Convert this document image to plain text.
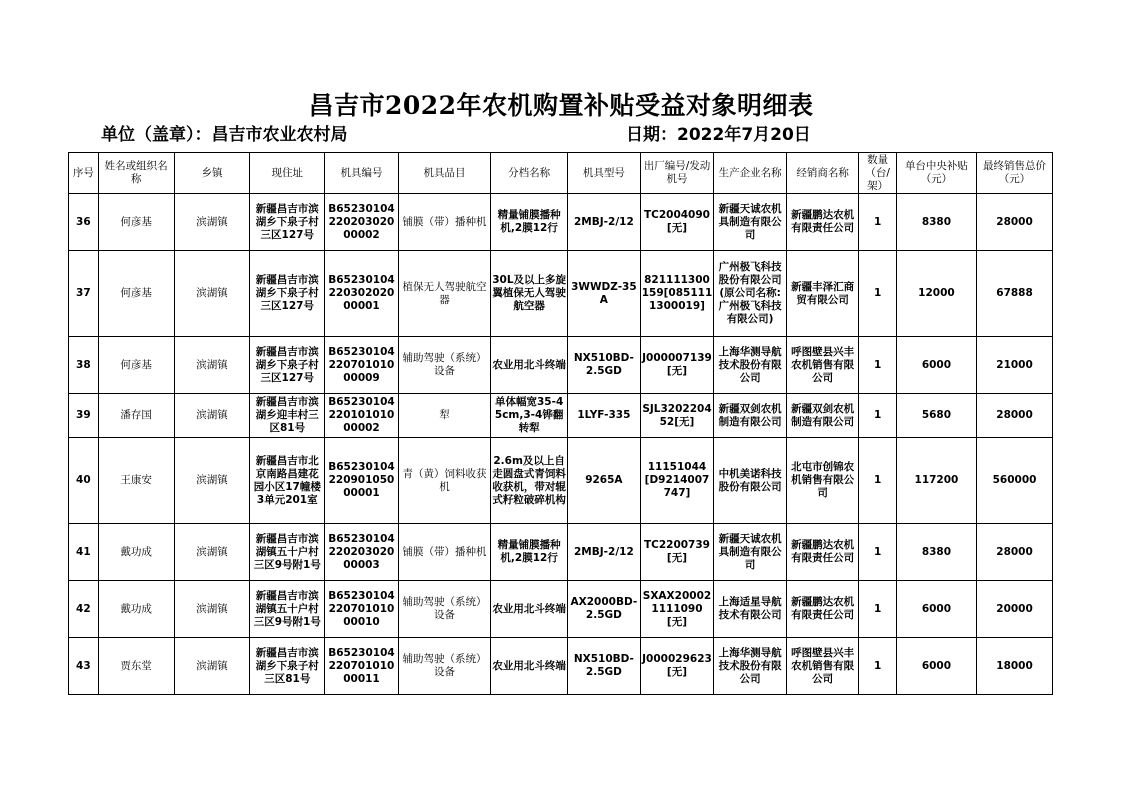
昌吉市2022年农机购置补贴受益对象明细表
单位（盖章）：昌吉市农业农村局	日期：2022年7月20日
序号	姓名或组织名称	乡镇	现住址	机具编号	机具品目	分档名称	机具型号	出厂编号/发动机号	生产企业名称	经销商名称	数量（台/架）	单台中央补贴（元）	最终销售总价（元）
36	何彦基	滨湖镇	新疆昌吉市滨湖乡下泉子村三区127号	B6523010422020302000002	铺膜（带）播种机	精量铺膜播种机,2膜12行	2MBJ-2/12	TC2004090[无]	新疆天诚农机具制造有限公司	新疆鹏达农机有限责任公司	1	8380	28000
37	何彦基	滨湖镇	新疆昌吉市滨湖乡下泉子村三区127号	B6523010422030202000001	植保无人驾驶航空器	30L及以上多旋翼植保无人驾驶航空器	3WWDZ-35A	821111300159[0851111300019]	广州极飞科技股份有限公司(原公司名称:广州极飞科技有限公司)	新疆丰泽汇商贸有限公司	1	12000	67888
38	何彦基	滨湖镇	新疆昌吉市滨湖乡下泉子村三区127号	B6523010422070101000009	辅助驾驶（系统）设备	农业用北斗终端	NX510BD-2.5GD	J000007139[无]	上海华测导航技术股份有限公司	呼图壁县兴丰农机销售有限公司	1	6000	21000
39	潘存国	滨湖镇	新疆昌吉市滨湖乡迎丰村三区81号	B6523010422010101000002	犁	单体幅宽35-45cm,3-4铧翻转犁	1LYF-335	SJL320220452[无]	新疆双剑农机制造有限公司	新疆双剑农机制造有限公司	1	5680	28000
40	王康安	滨湖镇	新疆昌吉市北京南路昌建花园小区17幢楼3单元201室	B6523010422090105000001	青（黄）饲料收获机	2.6m及以上自走圆盘式青饲料收获机，带对辊式籽粒破碎机构	9265A	11151044[D9214007747]	中机美诺科技股份有限公司	北屯市创锦农机销售有限公司	1	117200	560000
41	戴功成	滨湖镇	新疆昌吉市滨湖镇五十户村三区9号附1号	B6523010422020302000003	铺膜（带）播种机	精量铺膜播种机,2膜12行	2MBJ-2/12	TC2200739[无]	新疆天诚农机具制造有限公司	新疆鹏达农机有限责任公司	1	8380	28000
42	戴功成	滨湖镇	新疆昌吉市滨湖镇五十户村三区9号附1号	B6523010422070101000010	辅助驾驶（系统）设备	农业用北斗终端	AX2000BD-2.5GD	SXAX200021111090[无]	上海适星导航技术有限公司	新疆鹏达农机有限责任公司	1	6000	20000
43	贾东堂	滨湖镇	新疆昌吉市滨湖乡下泉子村三区81号	B6523010422070101000011	辅助驾驶（系统）设备	农业用北斗终端	NX510BD-2.5GD	J000029623[无]	上海华测导航技术股份有限公司	呼图壁县兴丰农机销售有限公司	1	6000	18000
